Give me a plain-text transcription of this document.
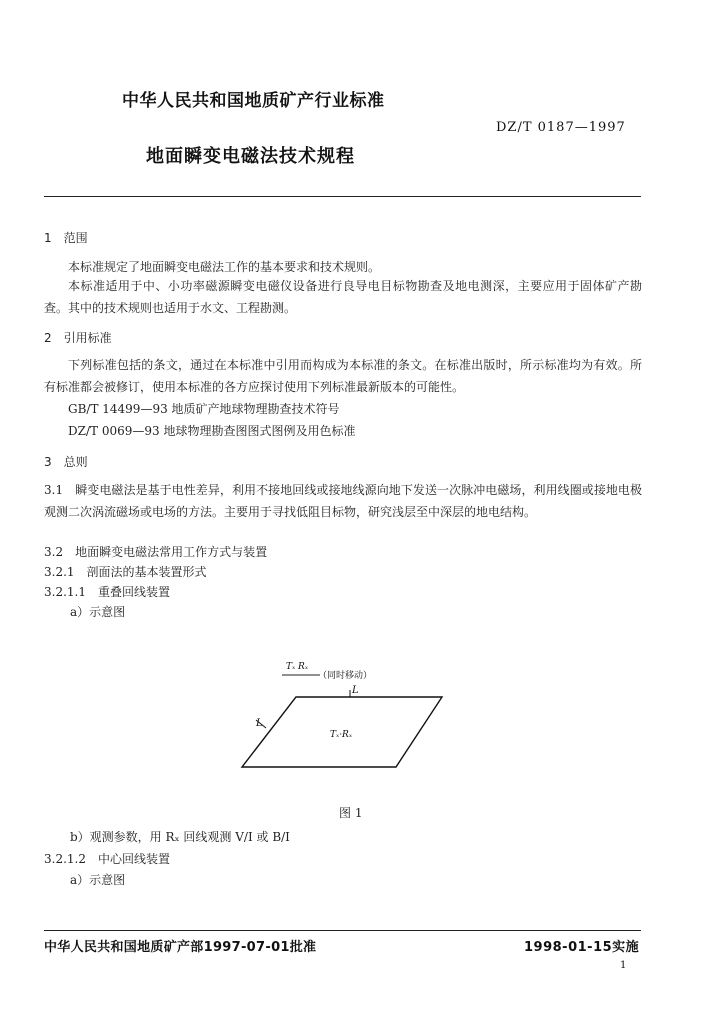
中华人民共和国地质矿产行业标准
DZ/T 0187—1997
地面瞬变电磁法技术规程
1　范围
本标准规定了地面瞬变电磁法工作的基本要求和技术规则。
本标准适用于中、小功率磁源瞬变电磁仪设备进行良导电目标物勘查及地电测深，主要应用于固体矿产勘查。其中的技术规则也适用于水文、工程勘测。
2　引用标准
下列标准包括的条文，通过在本标准中引用而构成为本标准的条文。在标准出版时，所示标准均为有效。所有标准都会被修订，使用本标准的各方应探讨使用下列标准最新版本的可能性。
GB/T 14499—93 地质矿产地球物理勘查技术符号
DZ/T 0069—93 地球物理勘查图图式图例及用色标准
3　总则
3.1　瞬变电磁法是基于电性差异，利用不接地回线或接地线源向地下发送一次脉冲电磁场，利用线圈或接地电极观测二次涡流磁场或电场的方法。主要用于寻找低阻目标物，研究浅层至中深层的地电结构。
3.2　地面瞬变电磁法常用工作方式与装置
3.2.1　剖面法的基本装置形式
3.2.1.1　重叠回线装置
a）示意图
Tₓ Rₓ
（同时移动）
L
L
Tₓ·Rₓ
图 1
b）观测参数，用 Rₓ 回线观测 V/I 或 B/I
3.2.1.2　中心回线装置
a）示意图
中华人民共和国地质矿产部1997-07-01批准	1998-01-15实施
1
